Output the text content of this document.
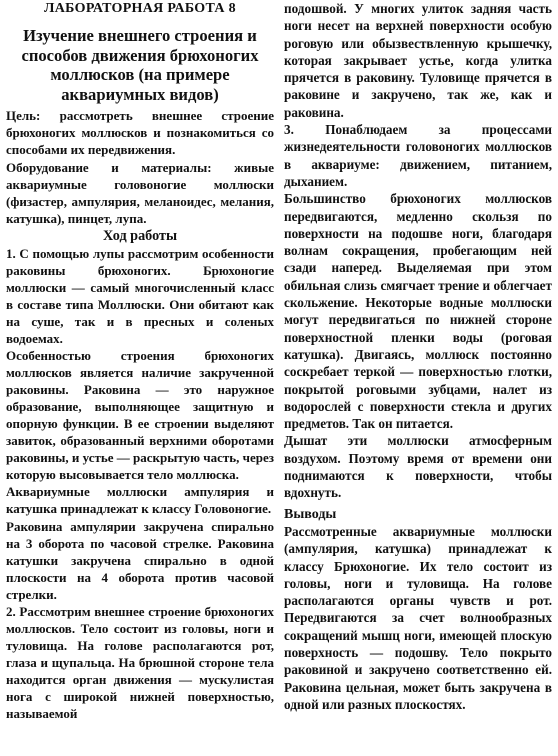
ЛАБОРАТОРНАЯ РАБОТА 8
Изучение внешнего строения и способов движения брюхоногих моллюсков (на примере аквариумных видов)

Цель: рассмотреть внешнее строение брюхоногих моллюсков и познакомиться со способами их передвижения.

Оборудование и материалы: живые аквариумные головоногие моллюски (физастер, ампулярия, меланоидес, мелания, катушка), пинцет, лупа.

Ход работы

1. С помощью лупы рассмотрим особенности раковины брюхоногих. Брюхоногие моллюски — самый многочисленный класс в составе типа Моллюски. Они обитают как на суше, так и в пресных и соленых водоемах.

Особенностью строения брюхоногих моллюсков является наличие закрученной раковины. Раковина — это наружное образование, выполняющее защитную и опорную функции. В ее строении выделяют завиток, образованный верхними оборотами раковины, и устье — раскрытую часть, через которую высовывается тело моллюска.

Аквариумные моллюски ампулярия и катушка принадлежат к классу Головоногие.

Раковина ампулярии закручена спирально на 3 оборота по часовой стрелке. Раковина катушки закручена спирально в одной плоскости на 4 оборота против часовой стрелки.

2. Рассмотрим внешнее строение брюхоногих моллюсков. Тело состоит из головы, ноги и туловища. На голове располагаются рот, глаза и щупальца. На брюшной стороне тела находится орган движения — мускулистая нога с широкой нижней поверхностью, называемой

подошвой. У многих улиток задняя часть ноги несет на верхней поверхности особую роговую или обызвествленную крышечку, которая закрывает устье, когда улитка прячется в раковину. Туловище прячется в раковине и закручено, так же, как и раковина.

3. Понаблюдаем за процессами жизнедеятельности головоногих моллюсков в аквариуме: движением, питанием, дыханием.

Большинство брюхоногих моллюсков передвигаются, медленно скользя по поверхности на подошве ноги, благодаря волнам сокращения, пробегающим ней сзади наперед. Выделяемая при этом обильная слизь смягчает трение и облегчает скольжение. Некоторые водные моллюски могут передвигаться по нижней стороне поверхностной пленки воды (роговая катушка). Двигаясь, моллюск постоянно соскребает теркой — поверхностью глотки, покрытой роговыми зубцами, налет из водорослей с поверхности стекла и других предметов. Так он питается.

Дышат эти моллюски атмосферным воздухом. Поэтому время от времени они поднимаются к поверхности, чтобы вдохнуть.

Выводы

Рассмотренные аквариумные моллюски (ампулярия, катушка) принадлежат к классу Брюхоногие. Их тело состоит из головы, ноги и туловища. На голове располагаются органы чувств и рот. Передвигаются за счет волнообразных сокращений мышц ноги, имеющей плоскую поверхность — подошву. Тело покрыто раковиной и закручено соответственно ей. Раковина цельная, может быть закручена в одной или разных плоскостях.
